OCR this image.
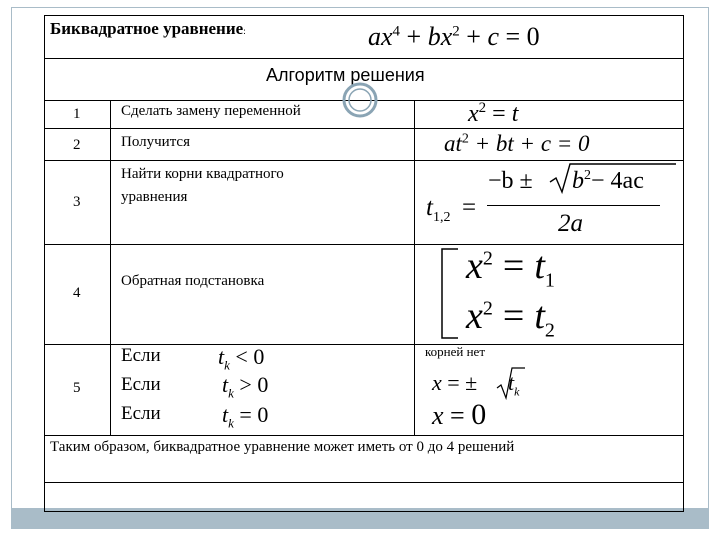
Биквадратное уравнение:	$ax^4 + bx^2 + c = 0$
Алгоритм решения
1
2
3
4
5
Сделать замену переменной
Получится
Найти корни квадратного
уравнения
Обратная подстановка
Если
Если
Если
$t_k < 0$
$t_k > 0$
$t_k = 0$
$x^2 = t$
$at^2$ + bt + c = 0
$t_{1,2}$ =
$-b \pm b^2- 4ac$
2a
$x^2 = t_1$
$x^2 = t_2$
корней нет
x = ± $t_k$
x = 0
Таким образом, биквадратное уравнение может иметь от 0 до 4 решений
